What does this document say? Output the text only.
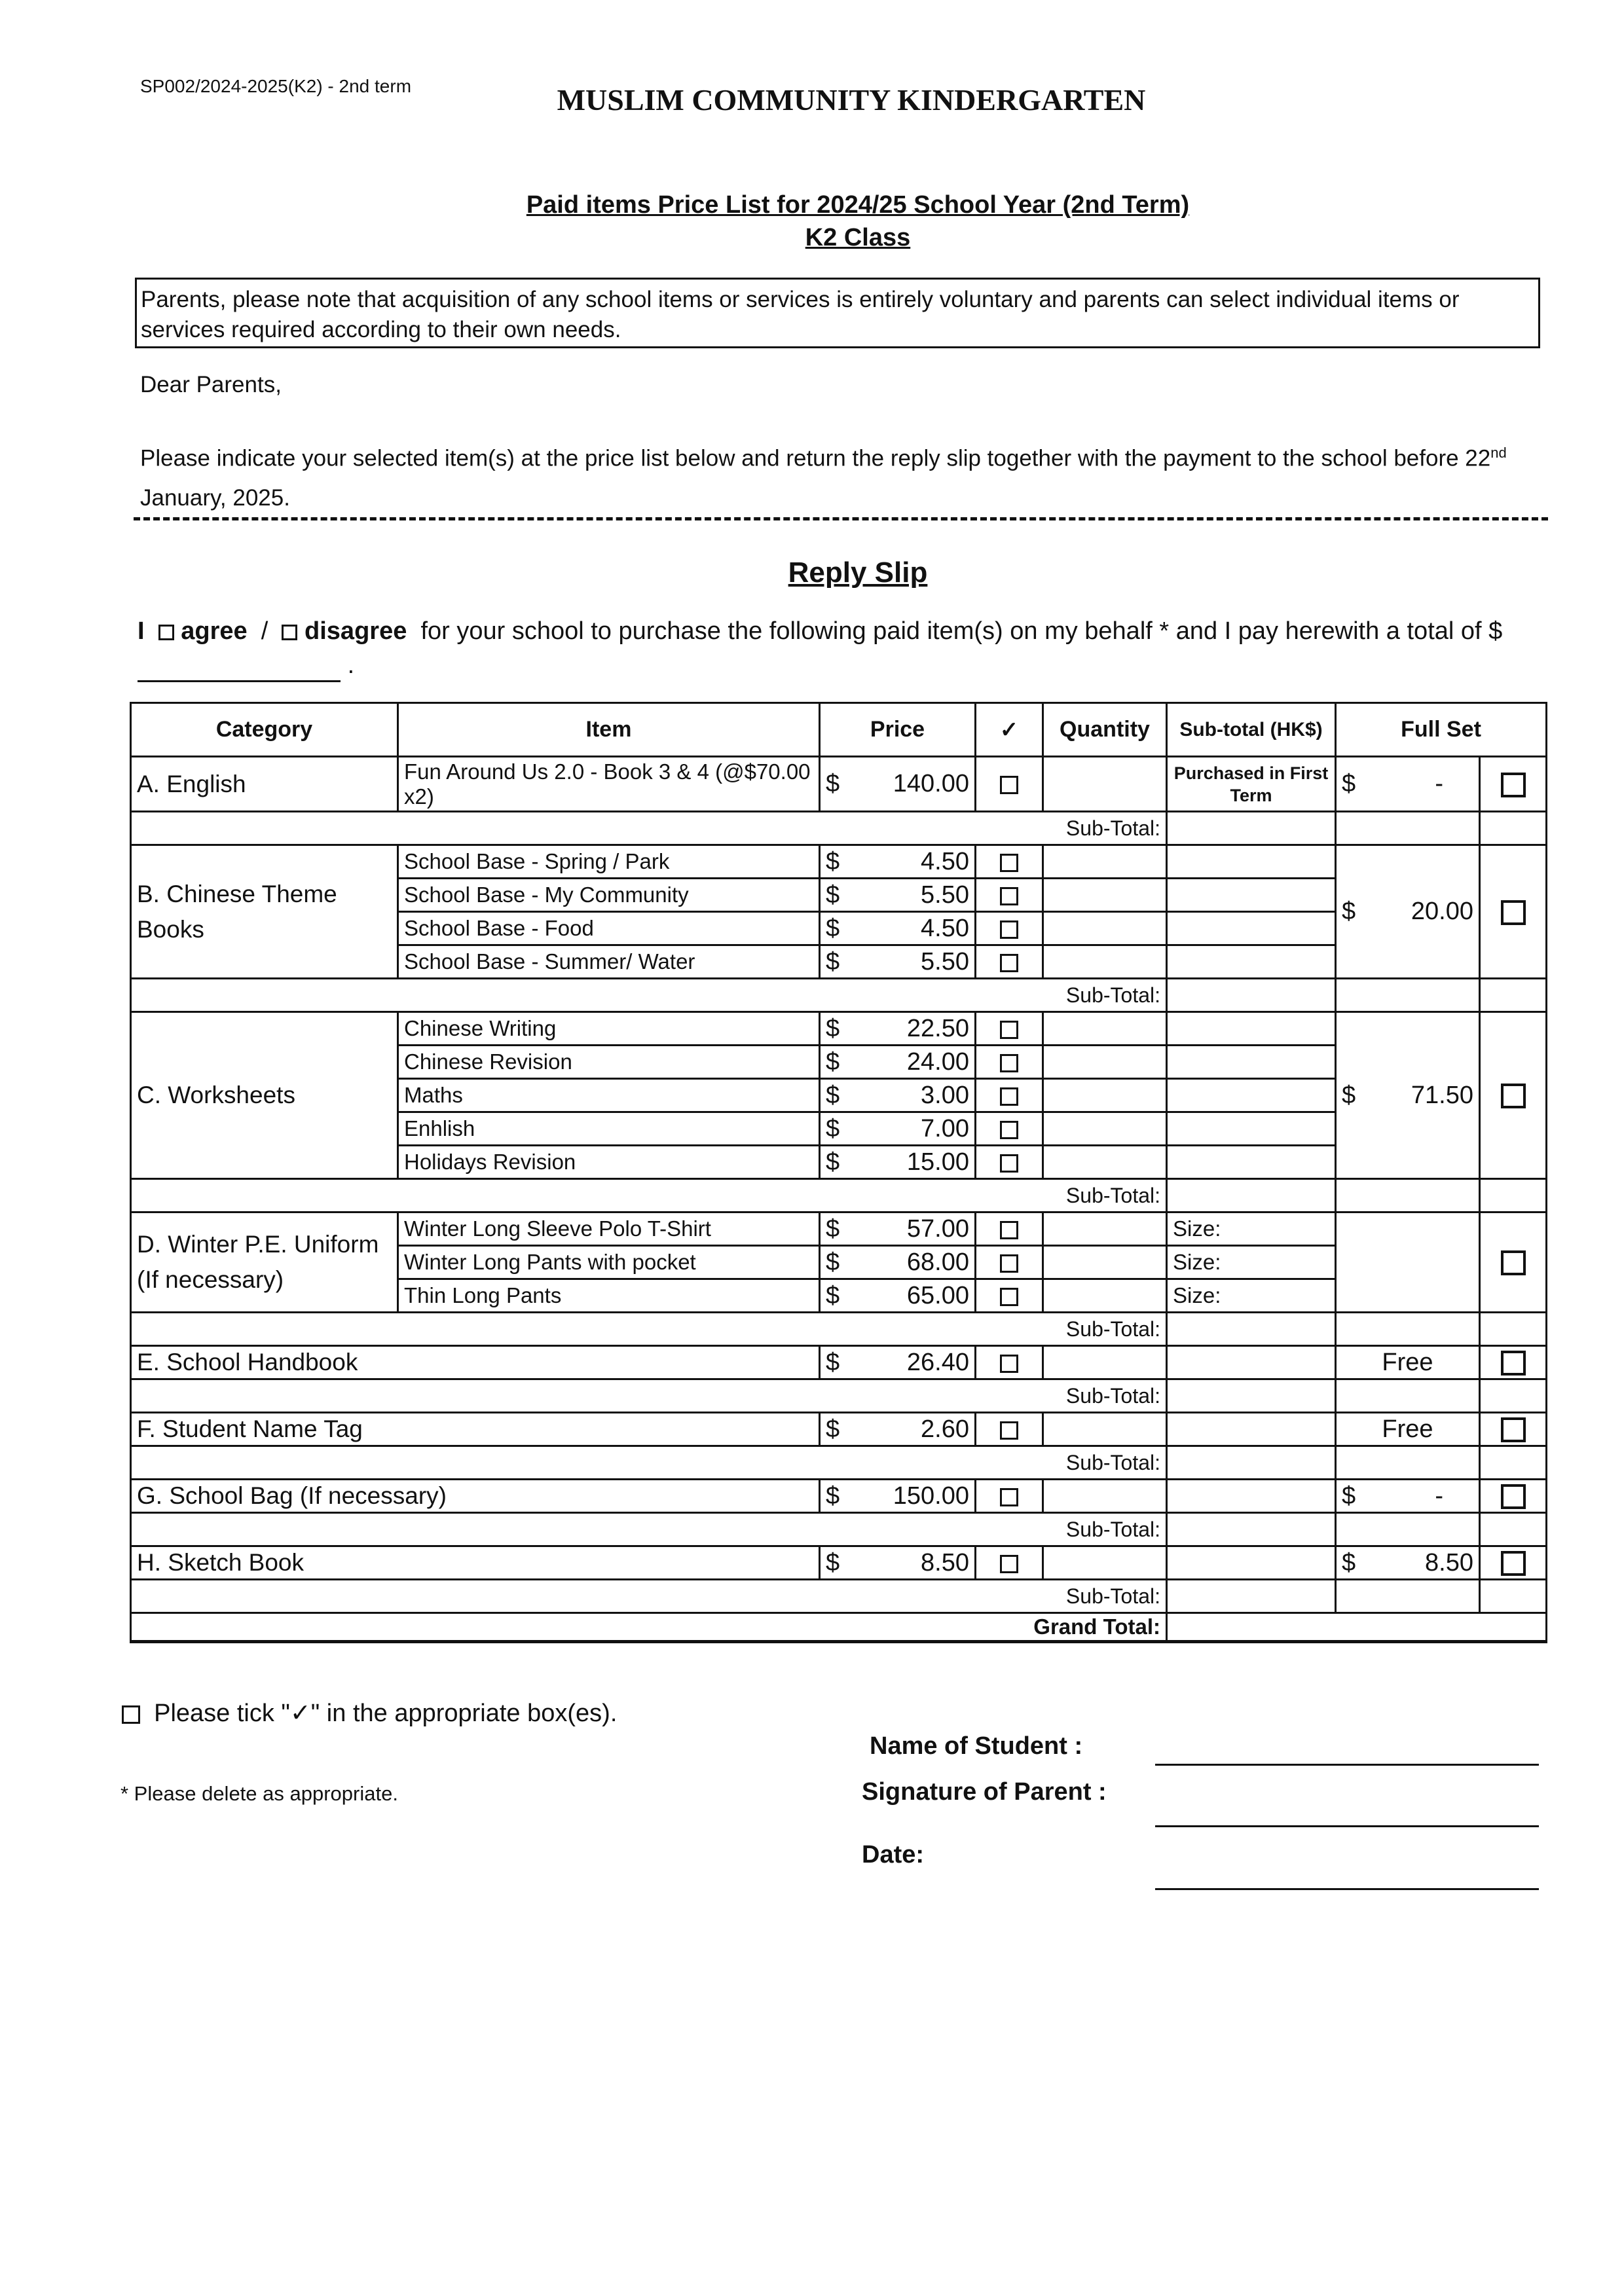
SP002/2024-2025(K2) - 2nd term	MUSLIM COMMUNITY KINDERGARTEN
Paid items Price List for 2024/25 School Year (2nd Term)
K2 Class
Parents, please note that acquisition of any school items or services is entirely voluntary and parents can select individual items or services required according to their own needs.
Dear Parents,
Please indicate your selected item(s) at the price list below and return the reply slip together with the payment to the school before 22nd January, 2025.
Reply Slip
I agree / disagree for your school to purchase the following paid item(s) on my behalf * and I pay herewith a total of $  .
Category	Item	Price	✓	Quantity	Sub-total (HK$)	Full Set	
A. English	Fun Around Us 2.0 - Book 3 & 4 (@$70.00 x2)	$ 140.00			Purchased in First Term	$ -	

Sub-Total:							
B. Chinese Theme Books	School Base - Spring / Park	$ 4.50				$ 20.00	

	School Base - My Community	$ 5.50					

	School Base - Food	$ 4.50					

	School Base - Summer/ Water	$ 5.50					

Sub-Total:							
C. Worksheets	Chinese Writing	$ 22.50				$ 71.50	

	Chinese Revision	$ 24.00					

	Maths	$ 3.00					

	Enhlish	$ 7.00					

	Holidays Revision	$ 15.00					

Sub-Total:							
D. Winter P.E. Uniform (If necessary)	Winter Long Sleeve Polo T-Shirt	$ 57.00			Size:		
	Winter Long Pants with pocket	$ 68.00			Size:		
	Thin Long Pants	$ 65.00			Size:		
Sub-Total:							
E. School Handbook		$ 26.40				Free	
Sub-Total:							
F. Student Name Tag		$ 2.60				Free	
Sub-Total:							
G. School Bag (If necessary)		$ 150.00				$ -	

Sub-Total:							
H. Sketch Book		$ 8.50				$ 8.50	

Sub-Total:							
Grand Total:							
Please tick "✓" in the appropriate box(es).
* Please delete as appropriate.
Name of Student :
Signature of Parent :
Date:
